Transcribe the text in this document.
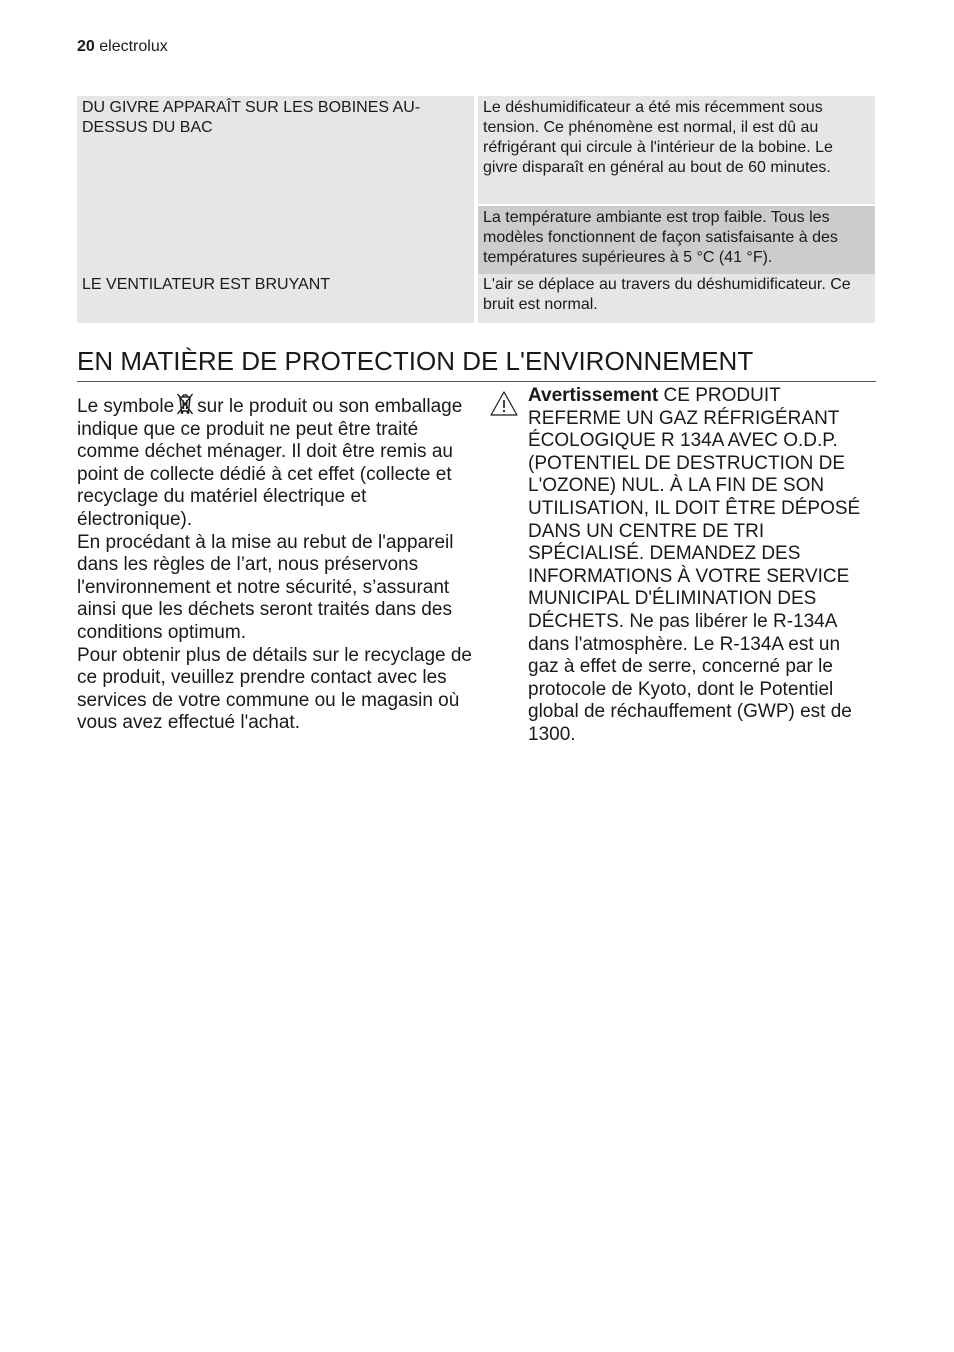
20 electrolux
DU GIVRE APPARAÎT SUR LES BOBINES AU-DESSUS DU BAC
Le déshumidificateur a été mis récemment sous tension. Ce phénomène est normal, il est dû au réfrigérant qui circule à l'intérieur de la bobine. Le givre disparaît en général au bout de 60 minutes.
La température ambiante est trop faible. Tous les modèles fonctionnent de façon satisfaisante à des températures supérieures à 5 °C (41 °F).
LE VENTILATEUR EST BRUYANT	L'air se déplace au travers du déshumidificateur. Ce bruit est normal.
EN MATIÈRE DE PROTECTION DE L'ENVIRONNEMENT

Le symbole sur le produit ou son emballage indique que ce produit ne peut être traité comme déchet ménager. Il doit être remis au point de collecte dédié à cet effet (collecte et recyclage du matériel électrique et électronique).

En procédant à la mise au rebut de l'appareil dans les règles de l’art, nous préservons l'environnement et notre sécurité, s’assurant ainsi que les déchets seront traités dans des conditions optimum.

Pour obtenir plus de détails sur le recyclage de ce produit, veuillez prendre contact avec les services de votre commune ou le magasin où vous avez effectué l'achat.

Avertissement CE PRODUIT REFERME UN GAZ RÉFRIGÉRANT ÉCOLOGIQUE R 134A AVEC O.D.P. (POTENTIEL DE DESTRUCTION DE L'OZONE) NUL. À LA FIN DE SON UTILISATION, IL DOIT ÊTRE DÉPOSÉ DANS UN CENTRE DE TRI SPÉCIALISÉ. DEMANDEZ DES INFORMATIONS À VOTRE SERVICE MUNICIPAL D'ÉLIMINATION DES DÉCHETS. Ne pas libérer le R-134A dans l'atmosphère. Le R-134A est un gaz à effet de serre, concerné par le protocole de Kyoto, dont le Potentiel global de réchauffement (GWP) est de 1300.
